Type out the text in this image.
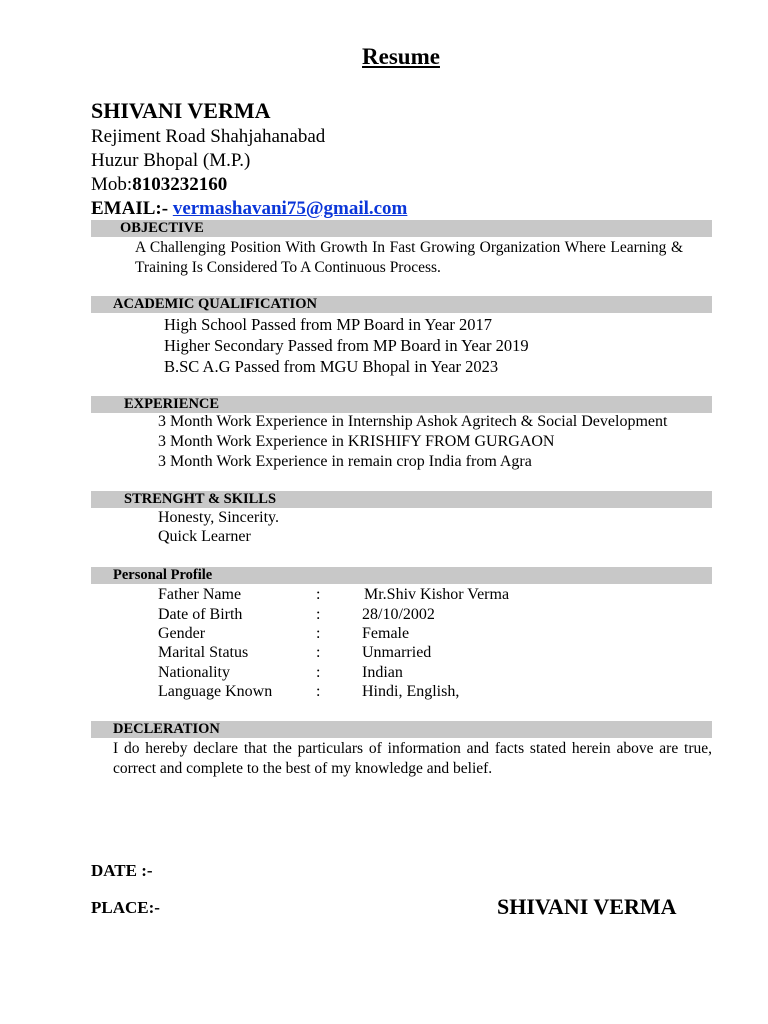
Resume
SHIVANI VERMA
Rejiment Road Shahjahanabad
Huzur Bhopal (M.P.)
Mob:8103232160
EMAIL:- vermashavani75@gmail.com
OBJECTIVE
A Challenging Position With Growth In Fast Growing Organization Where Learning & Training Is Considered To A Continuous Process.
ACADEMIC QUALIFICATION
High School Passed from MP Board in Year 2017
Higher Secondary Passed from MP Board in Year 2019
B.SC A.G Passed from MGU Bhopal in Year 2023
EXPERIENCE
3 Month Work Experience in Internship Ashok Agritech & Social Development
3 Month Work Experience in KRISHIFY FROM GURGAON
3 Month Work Experience in remain crop India from Agra
STRENGHT & SKILLS
Honesty, Sincerity.
Quick Learner
Personal Profile
Father Name	:	Mr.Shiv Kishor Verma
Date of Birth	:	28/10/2002
Gender	:	Female
Marital Status	:	Unmarried
Nationality	:	Indian
Language Known	:	Hindi, English,
DECLERATION
I do hereby declare that the particulars of information and facts stated herein above are true, correct and complete to the best of my knowledge and belief.
DATE :-
PLACE:-	SHIVANI VERMA
